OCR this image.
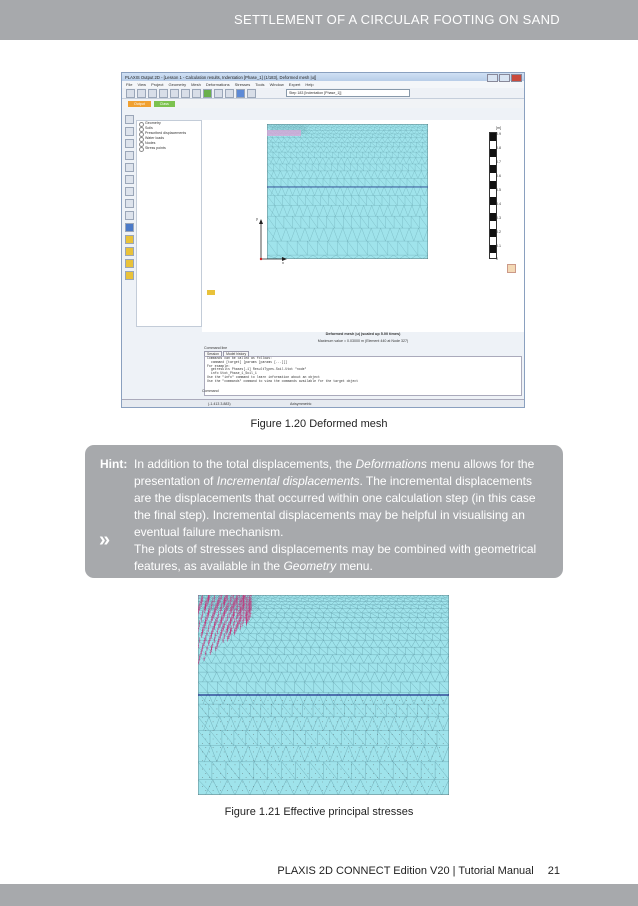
SETTLEMENT OF A CIRCULAR FOOTING ON SAND
PLAXIS Output 2D - [Lesson 1 - Calculation results, Indentation [Phase_1] (1/183), Deformed mesh |u|]
File View Project Geometry Mesh Deformations Stresses Tools Window Expert Help
Step 183 [Indentation [Phase_1]]
Output	Class
Geometry
Soils
Prescribed displacements
Water loads
Nodes
Stress points
y
x
[m]
0.9
0.8
0.7
0.6
0.5
0.4
0.3
0.2
0.1
0
Deformed mesh |u| (scaled up 5.00 times)
Maximum value = 0.03000 m (Element 440 at Node 327)
Command line
Session	Model history
Commands can be called as follows:
command [target] [params [params [...]]]
For example:
getresults Phases[-1] ResultTypes.Soil.Utot "node"
info Utot_Phase_1_Soil_1
Use the "info" command to learn information about an object
Use the "commands" command to view the commands available for the target object
Command
(-1.413 3.883)	Axisymmetric
Figure 1.20 Deformed mesh
Hint:
»

In addition to the total displacements, the Deformations menu allows for the presentation of Incremental displacements. The incremental displacements are the displacements that occurred within one calculation step (in this case the final step). Incremental displacements may be helpful in visualising an eventual failure mechanism.

The plots of stresses and displacements may be combined with geometrical features, as available in the Geometry menu.

Figure 1.21 Effective principal stresses
PLAXIS 2D CONNECT Edition V20 | Tutorial Manual 21
